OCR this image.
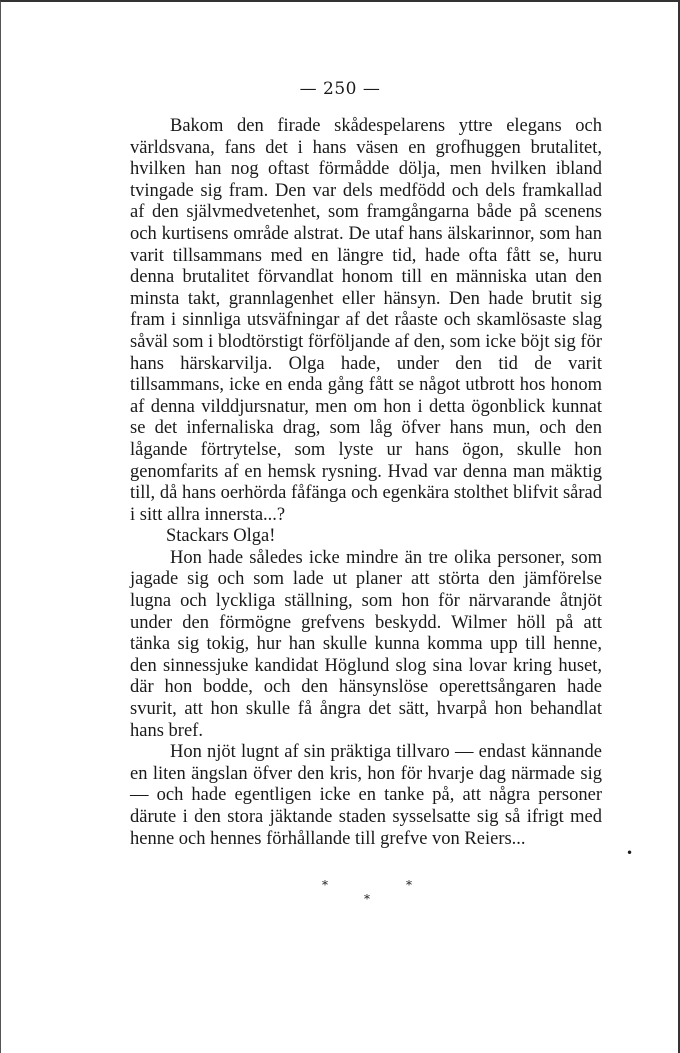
— 250 —

Bakom den firade skådespelarens yttre elegans och världsvana, fans det i hans väsen en grofhuggen brutalitet, hvilken han nog oftast förmådde dölja, men hvilken ibland tvingade sig fram. Den var dels medfödd och dels framkallad af den självmedvetenhet, som framgångarna både på scenens och kurtisens område alstrat. De utaf hans älskarinnor, som han varit tillsammans med en längre tid, hade ofta fått se, huru denna brutalitet förvandlat honom till en människa utan den minsta takt, grannlagenhet eller hänsyn. Den hade brutit sig fram i sinnliga utsväfningar af det råaste och skamlösaste slag såväl som i blodtörstigt förföljande af den, som icke böjt sig för hans härskarvilja. Olga hade, under den tid de varit tillsammans, icke en enda gång fått se något utbrott hos honom af denna vilddjursnatur, men om hon i detta ögonblick kunnat se det infernaliska drag, som låg öfver hans mun, och den lågande förtrytelse, som lyste ur hans ögon, skulle hon genomfarits af en hemsk rysning. Hvad var denna man mäktig till, då hans oerhörda fåfänga och egenkära stolthet blifvit sårad i sitt allra innersta...?

Stackars Olga!

Hon hade således icke mindre än tre olika personer, som jagade sig och som lade ut planer att störta den jämförelse lugna och lyckliga ställning, som hon för närvarande åtnjöt under den förmögne grefvens beskydd. Wilmer höll på att tänka sig tokig, hur han skulle kunna komma upp till henne, den sinnessjuke kandidat Höglund slog sina lovar kring huset, där hon bodde, och den hänsynslöse operettsångaren hade svurit, att hon skulle få ångra det sätt, hvarpå hon behandlat hans bref.

Hon njöt lugnt af sin präktiga tillvaro — endast kännande en liten ängslan öfver den kris, hon för hvarje dag närmade sig — och hade egentligen icke en tanke på, att några personer därute i den stora jäktande staden sysselsatte sig så ifrigt med henne och hennes förhållande till grefve von Reiers...

*
*
*
•
